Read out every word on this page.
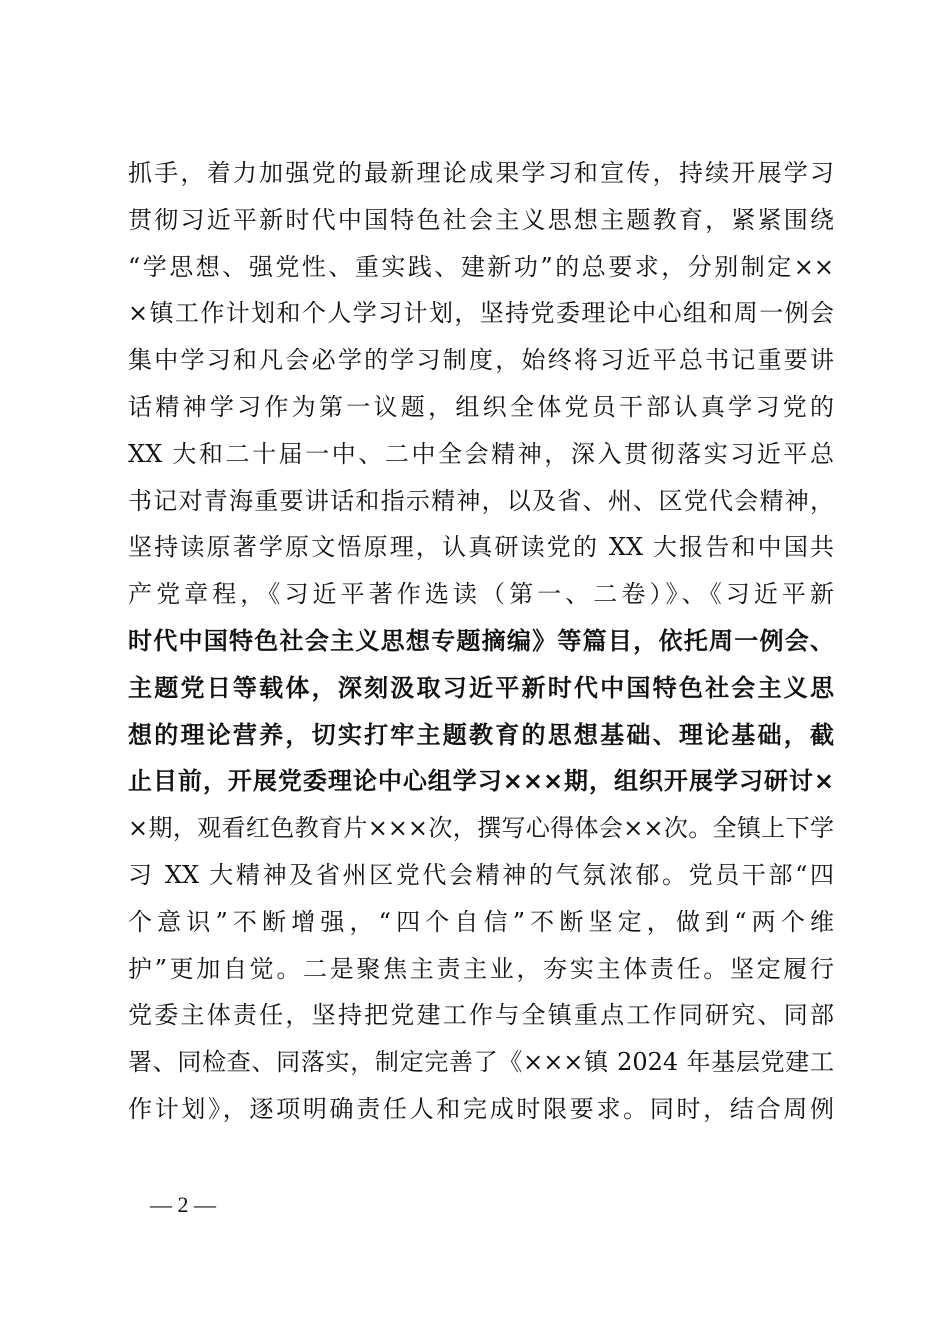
抓手，着力加强党的最新理论成果学习和宣传，持续开展学习
贯彻习近平新时代中国特色社会主义思想主题教育，紧紧围绕
“学思想、强党性、重实践、建新功”的总要求，分别制定××
×镇工作计划和个人学习计划，坚持党委理论中心组和周一例会
集中学习和凡会必学的学习制度，始终将习近平总书记重要讲
话精神学习作为第一议题，组织全体党员干部认真学习党的
XX 大和二十届一中、二中全会精神，深入贯彻落实习近平总
书记对青海重要讲话和指示精神，以及省、州、区党代会精神，
坚持读原著学原文悟原理，认真研读党的 XX 大报告和中国共
产党章程，《习近平著作选读（第一、二卷）》、《习近平新
时代中国特色社会主义思想专题摘编》等篇目，依托周一例会、
主题党日等载体，深刻汲取习近平新时代中国特色社会主义思
想的理论营养，切实打牢主题教育的思想基础、理论基础，截
止目前，开展党委理论中心组学习×××期，组织开展学习研讨×
×期，观看红色教育片×××次，撰写心得体会××次。全镇上下学
习 XX 大精神及省州区党代会精神的气氛浓郁。党员干部“四
个意识”不断增强，“四个自信”不断坚定，做到“两个维
护”更加自觉。二是聚焦主责主业，夯实主体责任。坚定履行
党委主体责任，坚持把党建工作与全镇重点工作同研究、同部
署、同检查、同落实，制定完善了《×××镇 2024 年基层党建工
作计划》，逐项明确责任人和完成时限要求。同时，结合周例
— 2 —
